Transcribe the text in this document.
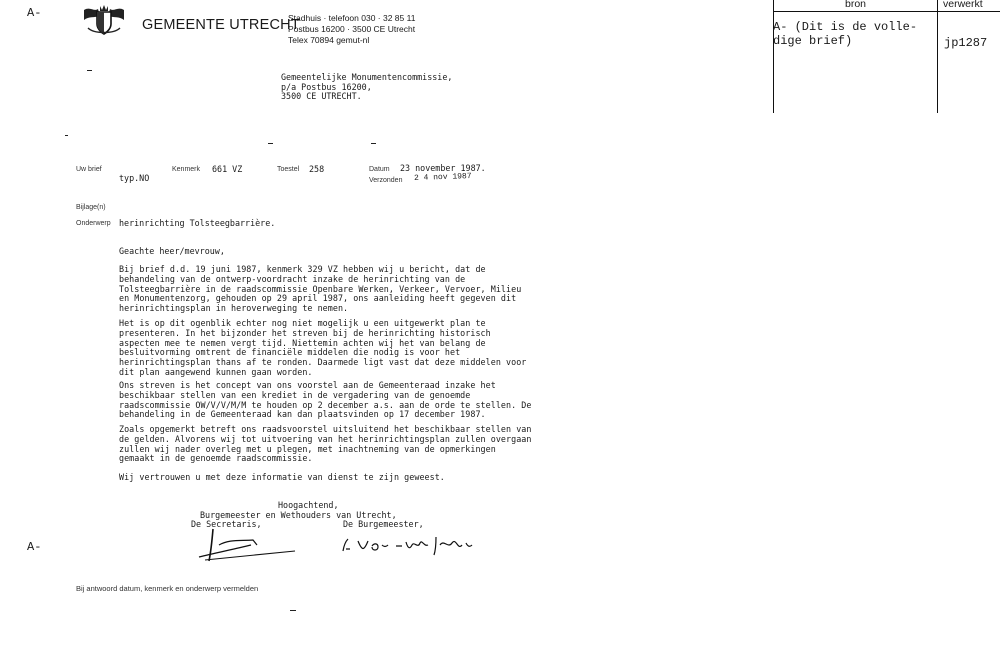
A-
A-
GEMEENTE UTRECHT
Stadhuis · telefoon 030 · 32 85 11
Postbus 16200 · 3500 CE Utrecht
Telex 70894 gemut-nl
Gemeentelijke Monumentencommissie,
p/a Postbus 16200,
3500 CE UTRECHT.
Uw brief
typ.NO
Kenmerk 661 VZ	Toestel 258	Datum 23 november 1987.
Verzonden 2 4 nov 1987
Bijlage(n)
Onderwerp herinrichting Tolsteegbarrière.
Geachte heer/mevrouw,
Bij brief d.d. 19 juni 1987, kenmerk 329 VZ hebben wij u bericht, dat de
behandeling van de ontwerp-voordracht inzake de herinrichting van de
Tolsteegbarrière in de raadscommissie Openbare Werken, Verkeer, Vervoer, Milieu
en Monumentenzorg, gehouden op 29 april 1987, ons aanleiding heeft gegeven dit
herinrichtingsplan in heroverweging te nemen.
Het is op dit ogenblik echter nog niet mogelijk u een uitgewerkt plan te
presenteren. In het bijzonder het streven bij de herinrichting historisch
aspecten mee te nemen vergt tijd. Niettemin achten wij het van belang de
besluitvorming omtrent de financiële middelen die nodig is voor het
herinrichtingsplan thans af te ronden. Daarmede ligt vast dat deze middelen voor
dit plan aangewend kunnen gaan worden.
Ons streven is het concept van ons voorstel aan de Gemeenteraad inzake het
beschikbaar stellen van een krediet in de vergadering van de genoemde
raadscommissie OW/V/V/M/M te houden op 2 december a.s. aan de orde te stellen. De
behandeling in de Gemeenteraad kan dan plaatsvinden op 17 december 1987.
Zoals opgemerkt betreft ons raadsvoorstel uitsluitend het beschikbaar stellen van
de gelden. Alvorens wij tot uitvoering van het herinrichtingsplan zullen overgaan
zullen wij nader overleg met u plegen, met inachtneming van de opmerkingen
gemaakt in de genoemde raadscommissie.
Wij vertrouwen u met deze informatie van dienst te zijn geweest.
Hoogachtend,
Burgemeester en Wethouders van Utrecht,
De Secretaris,	De Burgemeester,
Bij antwoord datum, kenmerk en onderwerp vermelden
bron	verwerkt
A- (Dit is de volle-
dige brief)	jp1287
